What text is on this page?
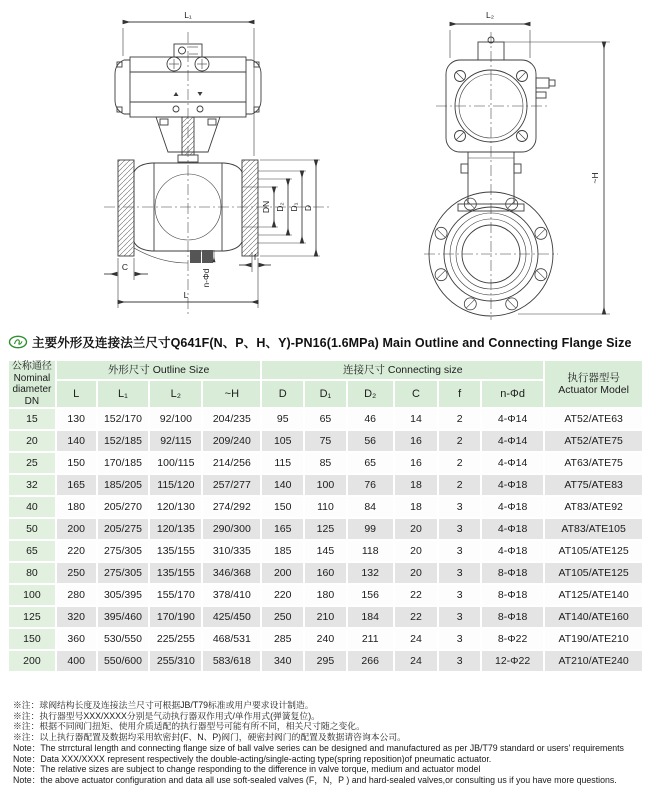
L₁
DN D₂ D₁ D
C
n-Φd
f
L
L₂
~H
主要外形及连接法兰尺寸Q641F(N、P、H、Y)-PN16(1.6MPa) Main Outline and Connecting Flange Size
公称通径
Nominal
diameter
DN
	外形尺寸 Outline Size	连接尺寸 Connecting size	
执行器型号
Actuator Model

	L	L₁	L₂	~H	D	D₁	D₂	C	f	n-Φd	
15	130	152/170	92/100	204/235	95	65	46	14	2	4-Φ14	AT52/ATE63
20	140	152/185	92/115	209/240	105	75	56	16	2	4-Φ14	AT52/ATE75
25	150	170/185	100/115	214/256	115	85	65	16	2	4-Φ14	AT63/ATE75
32	165	185/205	115/120	257/277	140	100	76	18	2	4-Φ18	AT75/ATE83
40	180	205/270	120/130	274/292	150	110	84	18	3	4-Φ18	AT83/ATE92
50	200	205/275	120/135	290/300	165	125	99	20	3	4-Φ18	AT83/ATE105
65	220	275/305	135/155	310/335	185	145	118	20	3	4-Φ18	AT105/ATE125
80	250	275/305	135/155	346/368	200	160	132	20	3	8-Φ18	AT105/ATE125
100	280	305/395	155/170	378/410	220	180	156	22	3	8-Φ18	AT125/ATE140
125	320	395/460	170/190	425/450	250	210	184	22	3	8-Φ18	AT140/ATE160
150	360	530/550	225/255	468/531	285	240	211	24	3	8-Φ22	AT190/ATE210
200	400	550/600	255/310	583/618	340	295	266	24	3	12-Φ22	AT210/ATE240
※注：球阀结构长度及连接法兰尺寸可根据JB/T79标准或用户要求设计制造。
※注：执行器型号XXX/XXXX分别是气动执行器双作用式/单作用式(弹簧复位)。
※注：根据不同阀门扭矩、使用介质适配的执行器型号可能有所不同，相关尺寸随之变化。
※注：以上执行器配置及数据均采用软密封(F、N、P)阀门，硬密封阀门的配置及数据请咨询本公司。
Note：The strrctural length and connecting flange size of ball valve series can be designed and manufactured as per JB/T79 standard or users' requirements
Note：Data XXX/XXXX represent respectively the double-acting/single-acting type(spring reposition)of pneumatic actuator.
Note：The relative sizes are subject to change responding to the difference in valve torque, medium and actuator model
Note：the above actuator configuration and data all use soft-sealed valves (F，N，P ) and hard-sealed valves,or consulting us if you have more questions.
